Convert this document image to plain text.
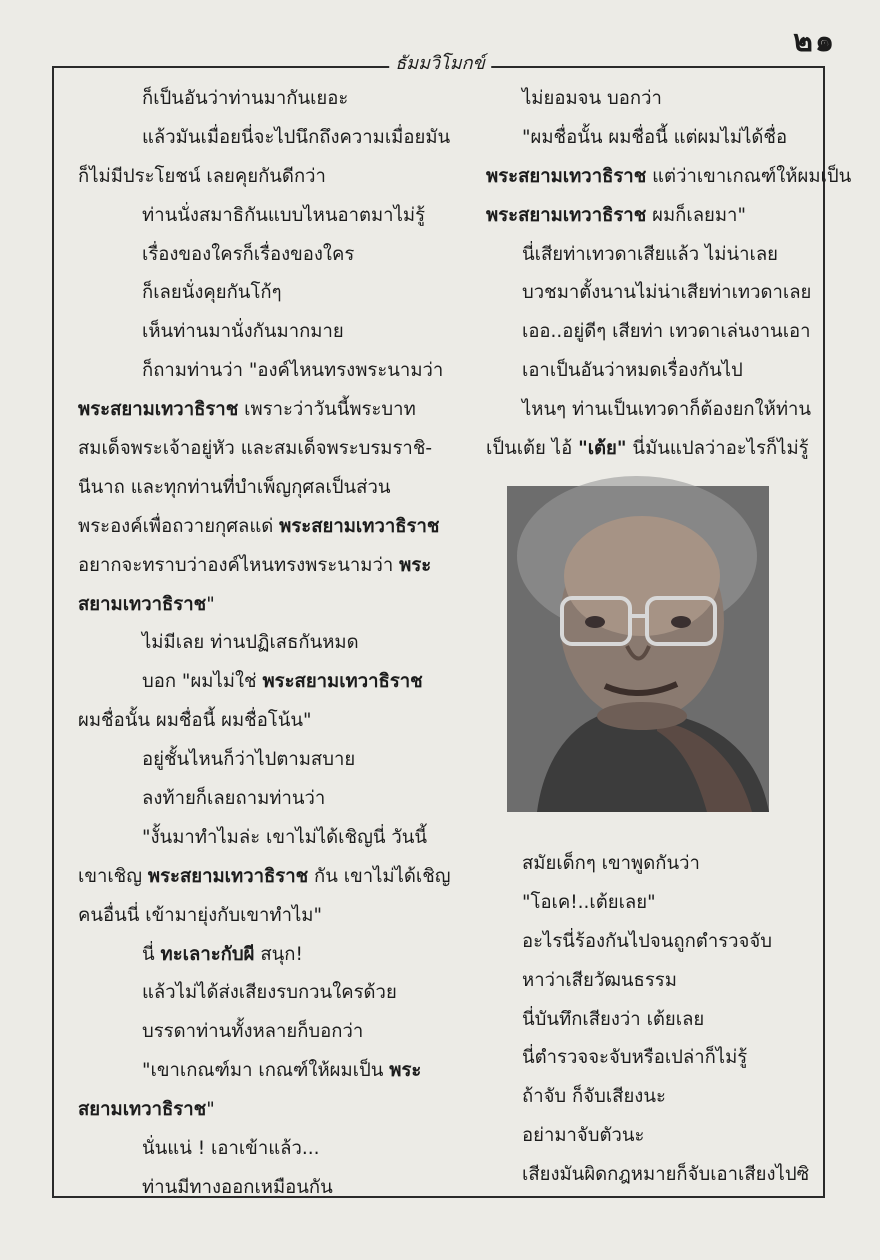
๒๑
ธัมมวิโมกข์
ก็เป็นอันว่าท่านมากันเยอะ
แล้วมันเมื่อยนี่จะไปนึกถึงความเมื่อยมัน
ก็ไม่มีประโยชน์ เลยคุยกันดีกว่า
ท่านนั่งสมาธิกันแบบไหนอาตมาไม่รู้
เรื่องของใครก็เรื่องของใคร
ก็เลยนั่งคุยกันโก้ๆ
เห็นท่านมานั่งกันมากมาย
ก็ถามท่านว่า "องค์ไหนทรงพระนามว่า
พระสยามเทวาธิราช เพราะว่าวันนี้พระบาท
สมเด็จพระเจ้าอยู่หัว และสมเด็จพระบรมราชิ-
นีนาถ และทุกท่านที่บำเพ็ญกุศลเป็นส่วน
พระองค์เพื่อถวายกุศลแด่ พระสยามเทวาธิราช
อยากจะทราบว่าองค์ไหนทรงพระนามว่า พระ
สยามเทวาธิราช"
ไม่มีเลย ท่านปฏิเสธกันหมด
บอก "ผมไม่ใช่ พระสยามเทวาธิราช
ผมชื่อนั้น ผมชื่อนี้ ผมชื่อโน้น"
อยู่ชั้นไหนก็ว่าไปตามสบาย
ลงท้ายก็เลยถามท่านว่า
"งั้นมาทำไมล่ะ เขาไม่ได้เชิญนี่ วันนี้
เขาเชิญ พระสยามเทวาธิราช กัน เขาไม่ได้เชิญ
คนอื่นนี่ เข้ามายุ่งกับเขาทำไม"
นี่ ทะเลาะกับผี สนุก!
แล้วไม่ได้ส่งเสียงรบกวนใครด้วย
บรรดาท่านทั้งหลายก็บอกว่า
"เขาเกณฑ์มา เกณฑ์ให้ผมเป็น พระ
สยามเทวาธิราช"
นั่นแน่ ! เอาเข้าแล้ว...
ท่านมีทางออกเหมือนกัน
ไม่ยอมจน บอกว่า
"ผมชื่อนั้น ผมชื่อนี้ แต่ผมไม่ได้ชื่อ
พระสยามเทวาธิราช แต่ว่าเขาเกณฑ์ให้ผมเป็น
พระสยามเทวาธิราช ผมก็เลยมา"
นี่เสียท่าเทวดาเสียแล้ว ไม่น่าเลย
บวชมาตั้งนานไม่น่าเสียท่าเทวดาเลย
เออ..อยู่ดีๆ เสียท่า เทวดาเล่นงานเอา
เอาเป็นอันว่าหมดเรื่องกันไป
ไหนๆ ท่านเป็นเทวดาก็ต้องยกให้ท่าน
เป็นเต้ย ไอ้ "เต้ย" นี่มันแปลว่าอะไรก็ไม่รู้
สมัยเด็กๆ เขาพูดกันว่า
"โอเค!..เต้ยเลย"
อะไรนี่ร้องกันไปจนถูกตำรวจจับ
หาว่าเสียวัฒนธรรม
นี่บันทึกเสียงว่า เต้ยเลย
นี่ตำรวจจะจับหรือเปล่าก็ไม่รู้
ถ้าจับ ก็จับเสียงนะ
อย่ามาจับตัวนะ
เสียงมันผิดกฎหมายก็จับเอาเสียงไปซิ
